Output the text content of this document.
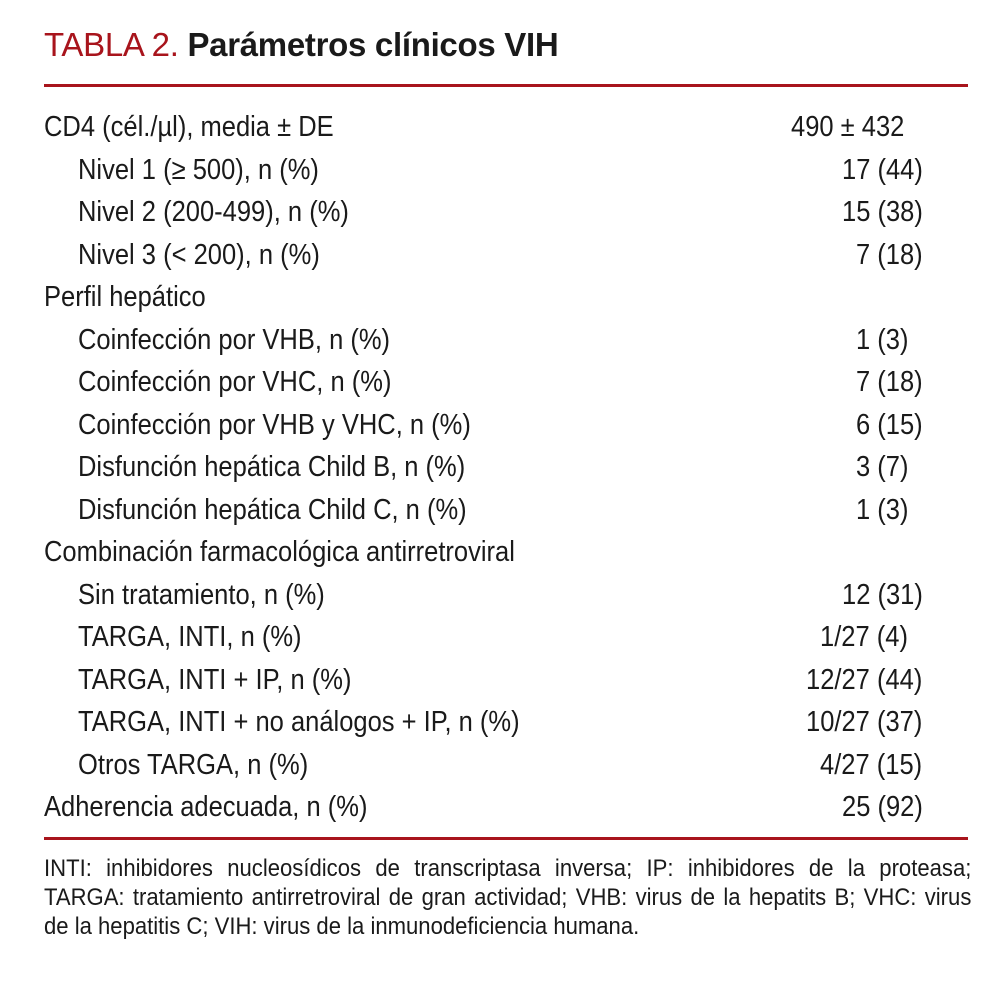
TABLA 2. Parámetros clínicos VIH
CD4 (cél./µl), media ± DE	490 ± 432
Nivel 1 (≥ 500), n (%)	17 (44)
Nivel 2 (200-499), n (%)	15 (38)
Nivel 3 (< 200), n (%)	7 (18)
Perfil hepático
Coinfección por VHB, n (%)	1 (3)
Coinfección por VHC, n (%)	7 (18)
Coinfección por VHB y VHC, n (%)	6 (15)
Disfunción hepática Child B, n (%)	3 (7)
Disfunción hepática Child C, n (%)	1 (3)
Combinación farmacológica antirretroviral
Sin tratamiento, n (%)	12 (31)
TARGA, INTI, n (%)	1/27 (4)
TARGA, INTI + IP, n (%)	12/27 (44)
TARGA, INTI + no análogos + IP, n (%)	10/27 (37)
Otros TARGA, n (%)	4/27 (15)
Adherencia adecuada, n (%)	25 (92)
INTI: inhibidores nucleosídicos de transcriptasa inversa; IP: inhibidores de la proteasa; TARGA: tratamiento antirretroviral de gran actividad; VHB: virus de la hepatits B; VHC: virus de la hepatitis C; VIH: virus de la inmunodeficiencia humana.
